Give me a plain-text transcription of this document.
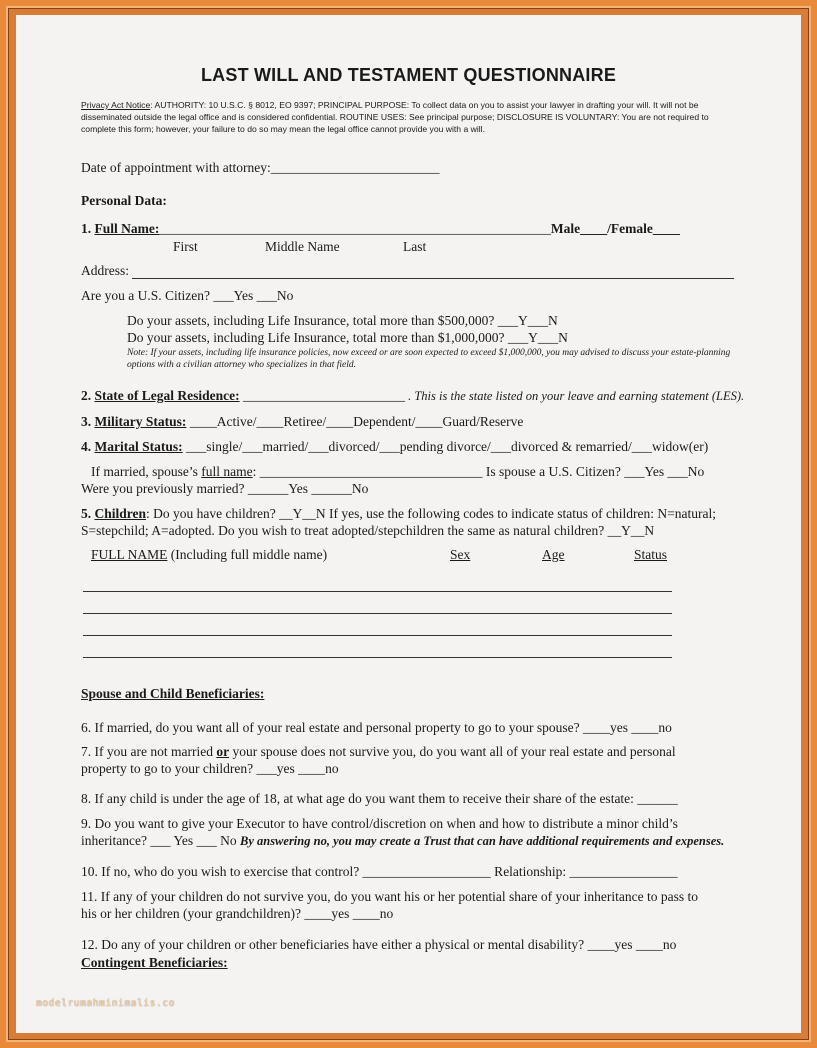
LAST WILL AND TESTAMENT QUESTIONNAIRE
Privacy Act Notice: AUTHORITY: 10 U.S.C. § 8012, EO 9397; PRINCIPAL PURPOSE: To collect data on you to assist your lawyer in drafting your will. It will not be disseminated outside the legal office and is considered confidential. ROUTINE USES: See principal purpose; DISCLOSURE IS VOLUNTARY: You are not required to complete this form; however, your failure to do so may mean the legal office cannot provide you with a will.
Date of appointment with attorney:_________________________
Personal Data:
1. Full Name:__________________________________________________________Male____/Female____
First	Middle Name	Last
Address:
Are you a U.S. Citizen? ___Yes ___No
Do your assets, including Life Insurance, total more than $500,000? ___Y___N
Do your assets, including Life Insurance, total more than $1,000,000? ___Y___N
Note: If your assets, including life insurance policies, now exceed or are soon expected to exceed $1,000,000, you may advised to discuss your estate-planning options with a civilian attorney who specializes in that field.
2. State of Legal Residence: ________________________ . This is the state listed on your leave and earning statement (LES).
3. Military Status: ____Active/____Retiree/____Dependent/____Guard/Reserve
4. Marital Status: ___single/___married/___divorced/___pending divorce/___divorced & remarried/___widow(er)
If married, spouse’s full name: _________________________________ Is spouse a U.S. Citizen? ___Yes ___No
Were you previously married? ______Yes ______No
5. Children: Do you have children? __Y__N If yes, use the following codes to indicate status of children: N=natural;
S=stepchild; A=adopted. Do you wish to treat adopted/stepchildren the same as natural children? __Y__N
FULL NAME (Including full middle name)	Sex	Age	Status
Spouse and Child Beneficiaries:
6. If married, do you want all of your real estate and personal property to go to your spouse? ____yes ____no
7. If you are not married or your spouse does not survive you, do you want all of your real estate and personal
property to go to your children? ___yes ____no
8. If any child is under the age of 18, at what age do you want them to receive their share of the estate: ______
9. Do you want to give your Executor to have control/discretion on when and how to distribute a minor child’s
inheritance? ___ Yes ___ No By answering no, you may create a Trust that can have additional requirements and expenses.
10. If no, who do you wish to exercise that control? ___________________ Relationship: ________________
11. If any of your children do not survive you, do you want his or her potential share of your inheritance to pass to
his or her children (your grandchildren)? ____yes ____no
12. Do any of your children or other beneficiaries have either a physical or mental disability? ____yes ____no
Contingent Beneficiaries:
modelrumahminimalis.co
